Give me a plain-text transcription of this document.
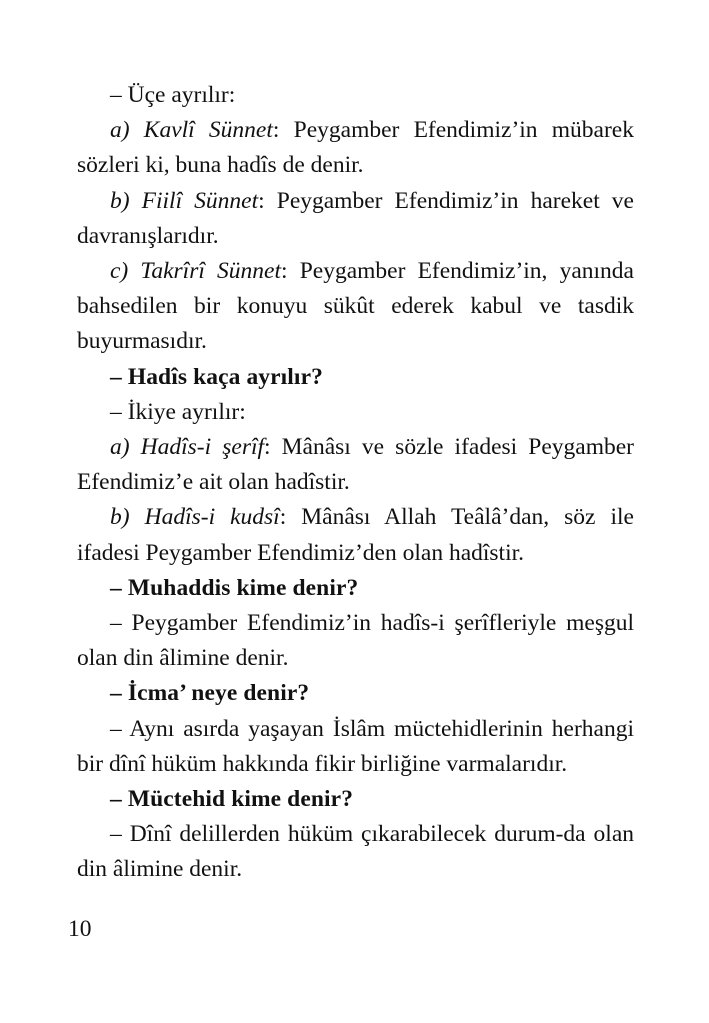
– Üçe ayrılır:

a) Kavlî Sünnet: Peygamber Efendimiz’in mübarek sözleri ki, buna hadîs de denir.

b) Fiilî Sünnet: Peygamber Efendimiz’in hareket ve davranışlarıdır.

c) Takrîrî Sünnet: Peygamber Efendimiz’in, yanında bahsedilen bir konuyu sükût ederek kabul ve tasdik buyurmasıdır.

– Hadîs kaça ayrılır?

– İkiye ayrılır:

a) Hadîs-i şerîf: Mânâsı ve sözle ifadesi Peygamber Efendimiz’e ait olan hadîstir.

b) Hadîs-i kudsî: Mânâsı Allah Teâlâ’dan, söz ile ifadesi Peygamber Efendimiz’den olan hadîstir.

– Muhaddis kime denir?

– Peygamber Efendimiz’in hadîs-i şerîfleriyle meşgul olan din âlimine denir.

– İcma’ neye denir?

– Aynı asırda yaşayan İslâm müctehidlerinin herhangi bir dînî hüküm hakkında fikir birliğine varmalarıdır.

– Müctehid kime denir?

– Dînî delillerden hüküm çıkarabilecek durum-da olan din âlimine denir.

10
